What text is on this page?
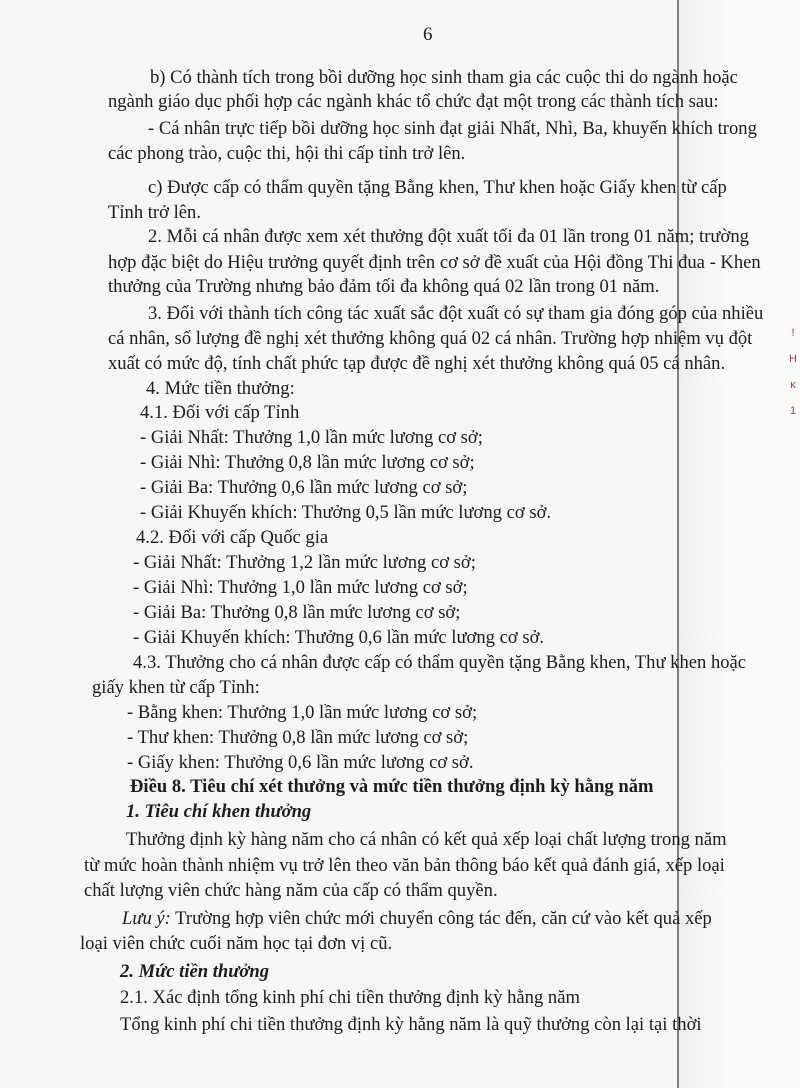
!
H
ĸ
1
6
b) Có thành tích trong bồi dưỡng học sinh tham gia các cuộc thi do ngành hoặc
ngành giáo dục phối hợp các ngành khác tổ chức đạt một trong các thành tích sau:
- Cá nhân trực tiếp bồi dưỡng học sinh đạt giải Nhất, Nhì, Ba, khuyến khích trong
các phong trào, cuộc thi, hội thi cấp tỉnh trở lên.
c) Được cấp có thẩm quyền tặng Bằng khen, Thư khen hoặc Giấy khen từ cấp
Tỉnh trở lên.
2. Mỗi cá nhân được xem xét thưởng đột xuất tối đa 01 lần trong 01 năm; trường
hợp đặc biệt do Hiệu trưởng quyết định trên cơ sở đề xuất của Hội đồng Thi đua - Khen
thưởng của Trường nhưng bảo đảm tối đa không quá 02 lần trong 01 năm.
3. Đối với thành tích công tác xuất sắc đột xuất có sự tham gia đóng góp của nhiều
cá nhân, số lượng đề nghị xét thưởng không quá 02 cá nhân. Trường hợp nhiệm vụ đột
xuất có mức độ, tính chất phức tạp được đề nghị xét thưởng không quá 05 cá nhân.
4. Mức tiền thưởng:
4.1. Đối với cấp Tỉnh
- Giải Nhất: Thưởng 1,0 lần mức lương cơ sở;
- Giải Nhì: Thưởng 0,8 lần mức lương cơ sở;
- Giải Ba: Thưởng 0,6 lần mức lương cơ sở;
- Giải Khuyến khích: Thưởng 0,5 lần mức lương cơ sở.
4.2. Đối với cấp Quốc gia
- Giải Nhất: Thưởng 1,2 lần mức lương cơ sở;
- Giải Nhì: Thưởng 1,0 lần mức lương cơ sở;
- Giải Ba: Thưởng 0,8 lần mức lương cơ sở;
- Giải Khuyến khích: Thưởng 0,6 lần mức lương cơ sở.
4.3. Thưởng cho cá nhân được cấp có thẩm quyền tặng Bằng khen, Thư khen hoặc
giấy khen từ cấp Tỉnh:
- Bằng khen: Thưởng 1,0 lần mức lương cơ sở;
- Thư khen: Thưởng 0,8 lần mức lương cơ sở;
- Giấy khen: Thưởng 0,6 lần mức lương cơ sở.
Điều 8. Tiêu chí xét thưởng và mức tiền thưởng định kỳ hằng năm
1. Tiêu chí khen thưởng
Thưởng định kỳ hàng năm cho cá nhân có kết quả xếp loại chất lượng trong năm
từ mức hoàn thành nhiệm vụ trở lên theo văn bản thông báo kết quả đánh giá, xếp loại
chất lượng viên chức hàng năm của cấp có thẩm quyền.
Lưu ý: Trường hợp viên chức mới chuyển công tác đến, căn cứ vào kết quả xếp
loại viên chức cuối năm học tại đơn vị cũ.
2. Mức tiền thưởng
2.1. Xác định tổng kinh phí chi tiền thưởng định kỳ hằng năm
Tổng kinh phí chi tiền thưởng định kỳ hằng năm là quỹ thưởng còn lại tại thời
